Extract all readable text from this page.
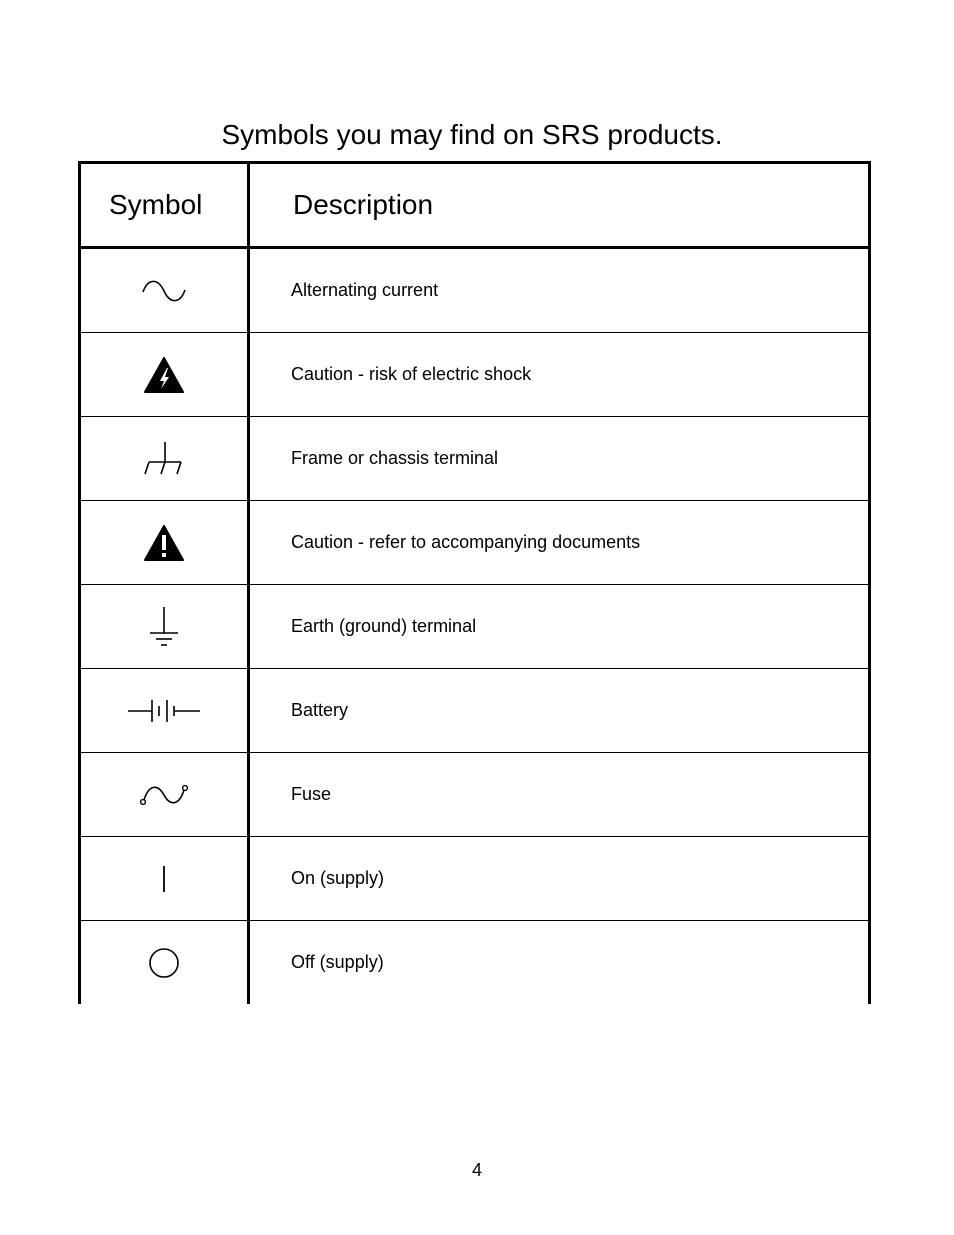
Symbols you may find on SRS products.
Symbol	Description
	Alternating current
	Caution - risk of electric shock
	Frame or chassis terminal
	Caution - refer to accompanying documents
	Earth (ground) terminal
	Battery
	Fuse
	On (supply)
	Off (supply)
4
